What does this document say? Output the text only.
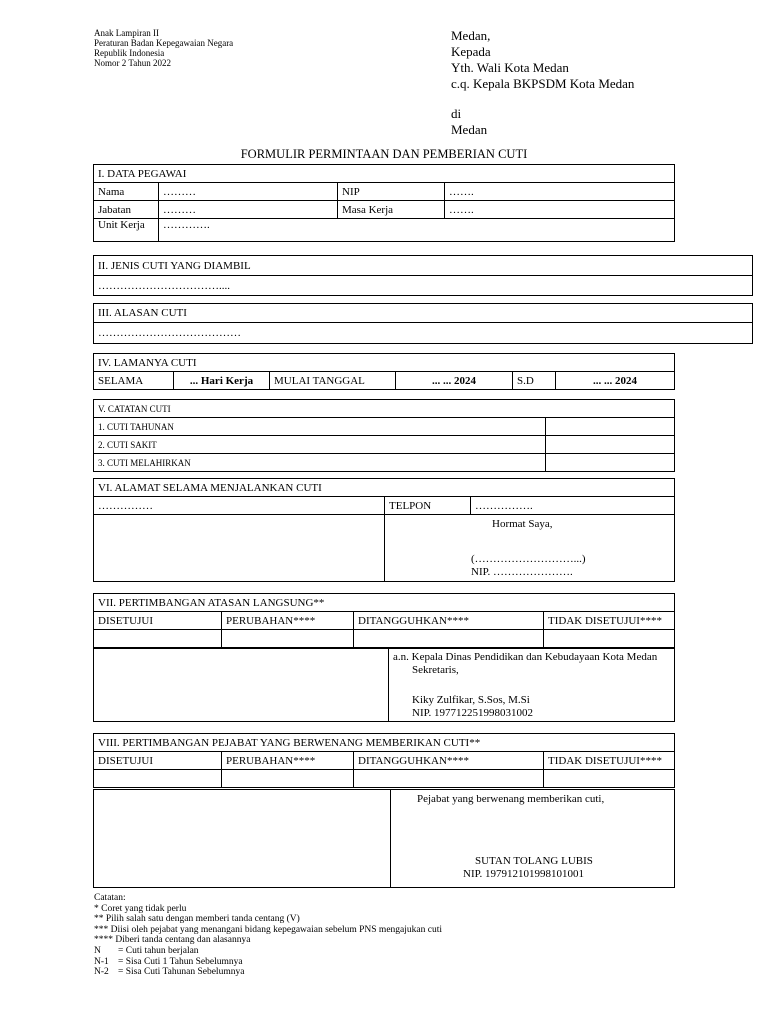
Anak Lampiran II
Peraturan Badan Kepegawaian Negara
Republik Indonesia
Nomor 2 Tahun 2022
Medan,
Kepada
Yth. Wali Kota Medan
c.q. Kepala BKPSDM Kota Medan
di
Medan
FORMULIR PERMINTAAN DAN PEMBERIAN CUTI
I. DATA PEGAWAI			
Nama	………	NIP	…….
Jabatan	………	Masa Kerja	…….
Unit Kerja	………….		
II. JENIS CUTI YANG DIAMBIL
……………………………....
III. ALASAN CUTI
…………………………………
IV. LAMANYA CUTI
SELAMA	... Hari Kerja	MULAI TANGGAL	... ... 2024	S.D	... ... 2024
V. CATATAN CUTI	
1. CUTI TAHUNAN	
2. CUTI SAKIT	
3. CUTI MELAHIRKAN	
VI. ALAMAT SELAMA MENJALANKAN CUTI		
……………	TELPON	…………….

	Hormat Saya,
(………………………...)
NIP. ………………….	
VII. PERTIMBANGAN ATASAN LANGSUNG**			
DISETUJUI	PERUBAHAN****	DITANGGUHKAN****	TIDAK DISETUJUI****

a.n. Kepala Dinas Pendidikan dan Kebudayaan Kota Medan
Sekretaris,
Kiky Zulfikar, S.Sos, M.Si
NIP. 197712251998031002
VIII. PERTIMBANGAN PEJABAT YANG BERWENANG MEMBERIKAN CUTI**			
DISETUJUI	PERUBAHAN****	DITANGGUHKAN****	TIDAK DISETUJUI****

Pejabat yang berwenang memberikan cuti,
SUTAN TOLANG LUBIS
NIP. 197912101998101001
Catatan:
* Coret yang tidak perlu
** Pilih salah satu dengan memberi tanda centang (V)
*** Diisi oleh pejabat yang menangani bidang kepegawaian sebelum PNS mengajukan cuti
**** Diberi tanda centang dan alasannya
N	= Cuti tahun berjalan
N-1 = Sisa Cuti 1 Tahun Sebelumnya
N-2 = Sisa Cuti Tahunan Sebelumnya
